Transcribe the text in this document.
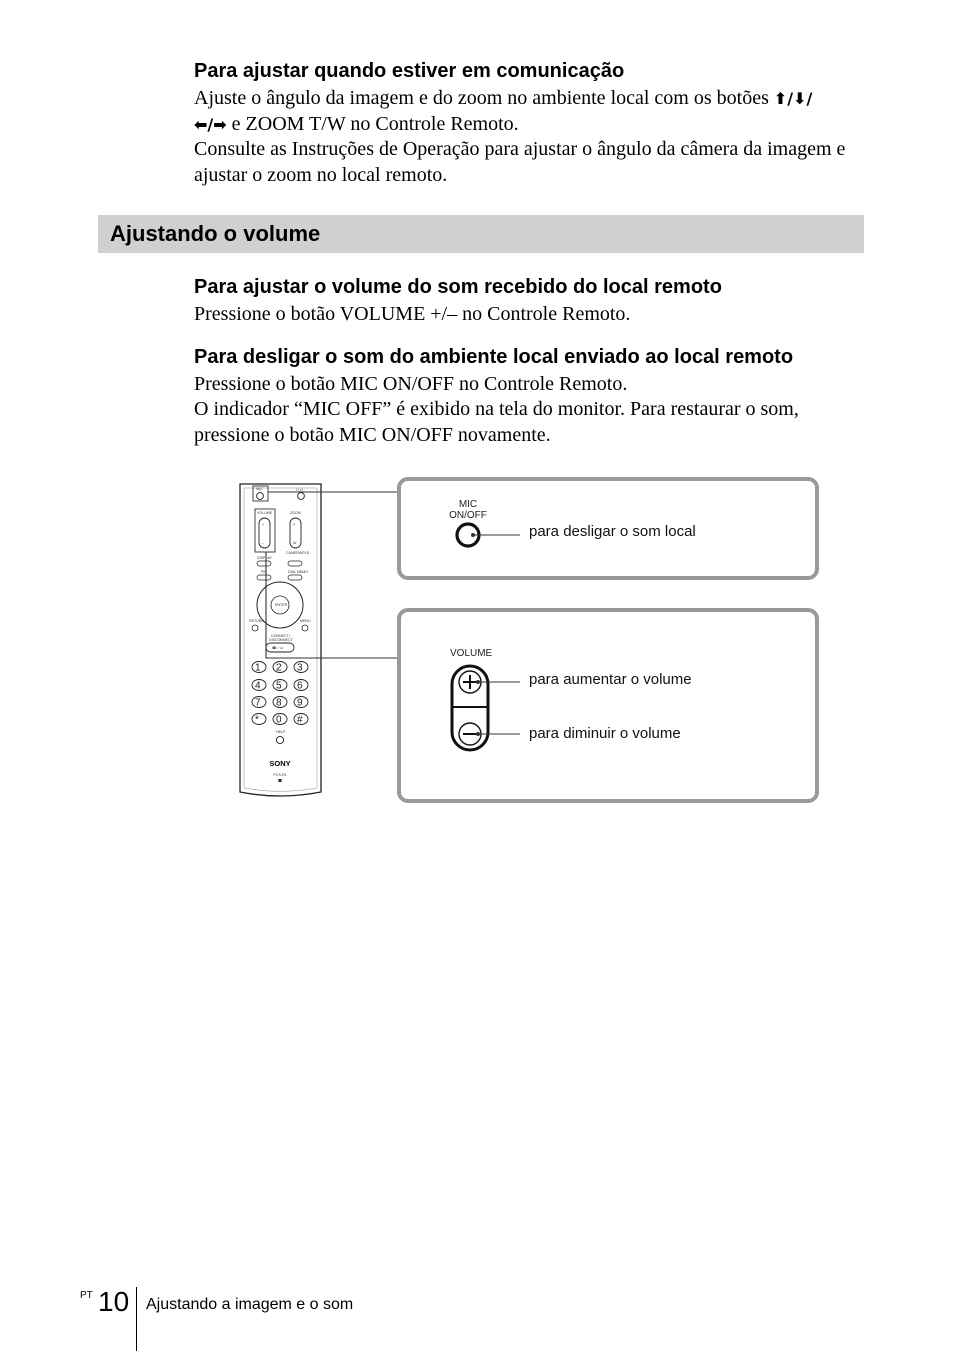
Para ajustar quando estiver em comunicação

Ajuste o ângulo da imagem e do zoom no ambiente local com os botões ⬆/⬇/
⬅/➡ e ZOOM T/W no Controle Remoto.

Consulte as Instruções de Operação para ajustar o ângulo da câmera da imagem e ajustar o zoom no local remoto.

Ajustando o volume
Para ajustar o volume do som recebido do local remoto

Pressione o botão VOLUME +/– no Controle Remoto.

Para desligar o som do ambiente local enviado ao local remoto

Pressione o botão MIC ON/OFF no Controle Remoto.

O indicador “MIC OFF” é exibido na tela do monitor. Para restaurar o som, pressione o botão MIC ON/OFF novamente.

MIC	I / ⏻
VOLUME
+
–
ZOOM
T
W
CAMERA/PLD
DISPLAY
PIP	DIAL MEMO
ENTER
RETURN	MENU
CONNECT/
DISCONNECT
☎ / ☏
1 2 3
4 5 6
7 8 9
* 0 #
HELP
SONY
PCS-R1
MIC
ON/OFF
para desligar o som local
VOLUME
para aumentar o volume
para diminuir o volume
PT 10 Ajustando a imagem e o som
